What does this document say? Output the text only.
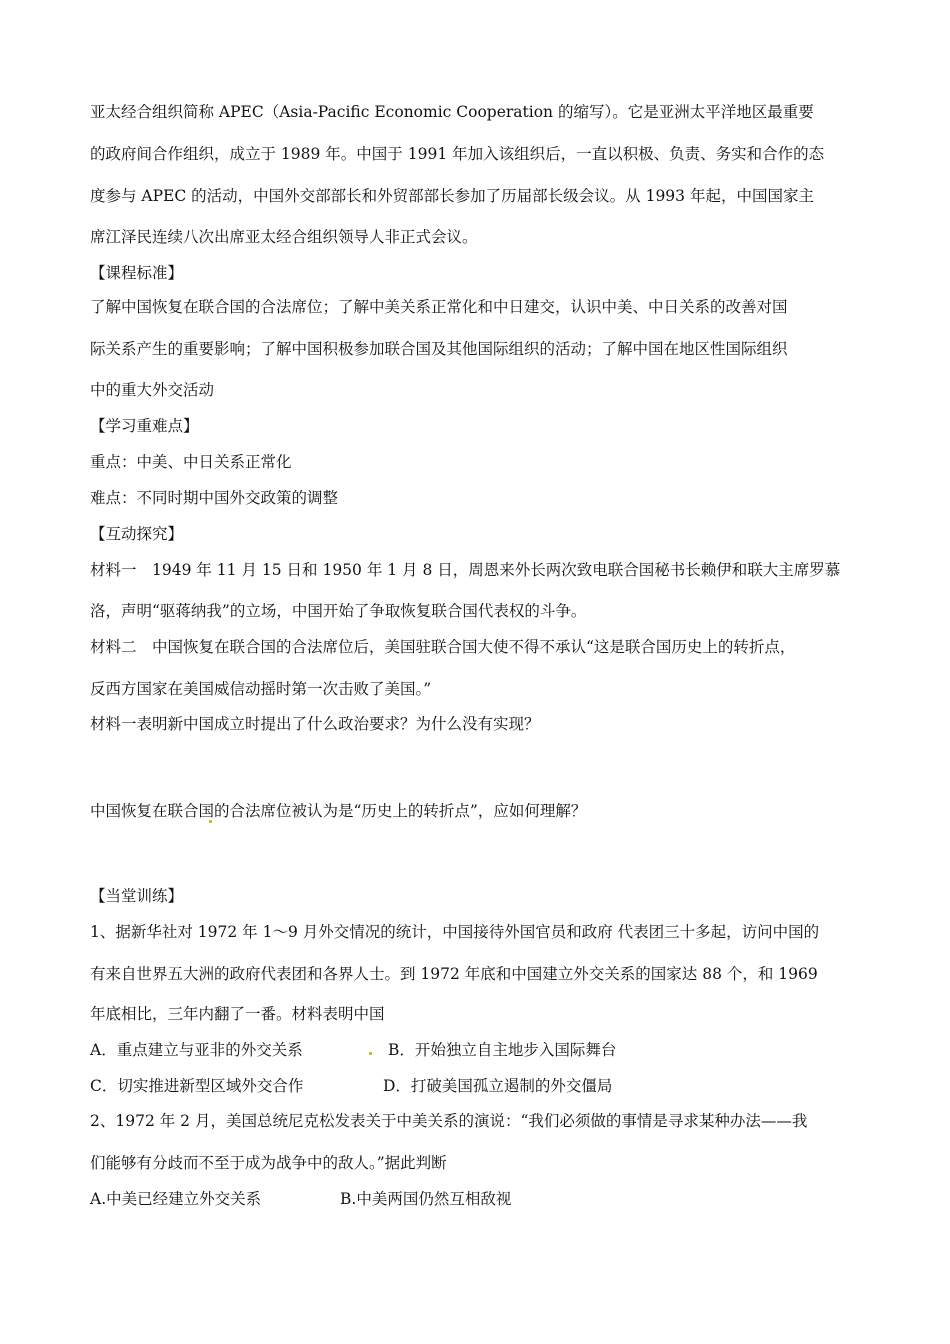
亚太经合组织简称 APEC（Asia-Pacific Economic Cooperation 的缩写）。它是亚洲太平洋地区最重要
的政府间合作组织，成立于 1989 年。中国于 1991 年加入该组织后，一直以积极、负责、务实和合作的态
度参与 APEC 的活动，中国外交部部长和外贸部部长参加了历届部长级会议。从 1993 年起，中国国家主
席江泽民连续八次出席亚太经合组织领导人非正式会议。
【课程标准】
了解中国恢复在联合国的合法席位；了解中美关系正常化和中日建交，认识中美、中日关系的改善对国
际关系产生的重要影响；了解中国积极参加联合国及其他国际组织的活动；了解中国在地区性国际组织
中的重大外交活动
【学习重难点】
重点：中美、中日关系正常化
难点：不同时期中国外交政策的调整
【互动探究】
材料一　1949 年 11 月 15 日和 1950 年 1 月 8 日，周恩来外长两次致电联合国秘书长赖伊和联大主席罗慕
洛，声明“驱蒋纳我”的立场，中国开始了争取恢复联合国代表权的斗争。
材料二　中国恢复在联合国的合法席位后，美国驻联合国大使不得不承认“这是联合国历史上的转折点，
反西方国家在美国威信动摇时第一次击败了美国。”
材料一表明新中国成立时提出了什么政治要求？为什么没有实现？
中国恢复在联合国的合法席位被认为是“历史上的转折点”，应如何理解？
【当堂训练】
1、据新华社对 1972 年 1～9 月外交情况的统计，中国接待外国官员和政府 代表团三十多起，访问中国的
有来自世界五大洲的政府代表团和各界人士。到 1972 年底和中国建立外交关系的国家达 88 个，和 1969
年底相比，三年内翻了一番。材料表明中国
A．重点建立与亚非的外交关系	B．开始独立自主地步入国际舞台
C．切实推进新型区域外交合作	D．打破美国孤立遏制的外交僵局
2、1972 年 2 月，美国总统尼克松发表关于中美关系的演说：“我们必须做的事情是寻求某种办法——我
们能够有分歧而不至于成为战争中的敌人。”据此判断
A.中美已经建立外交关系	B.中美两国仍然互相敌视
